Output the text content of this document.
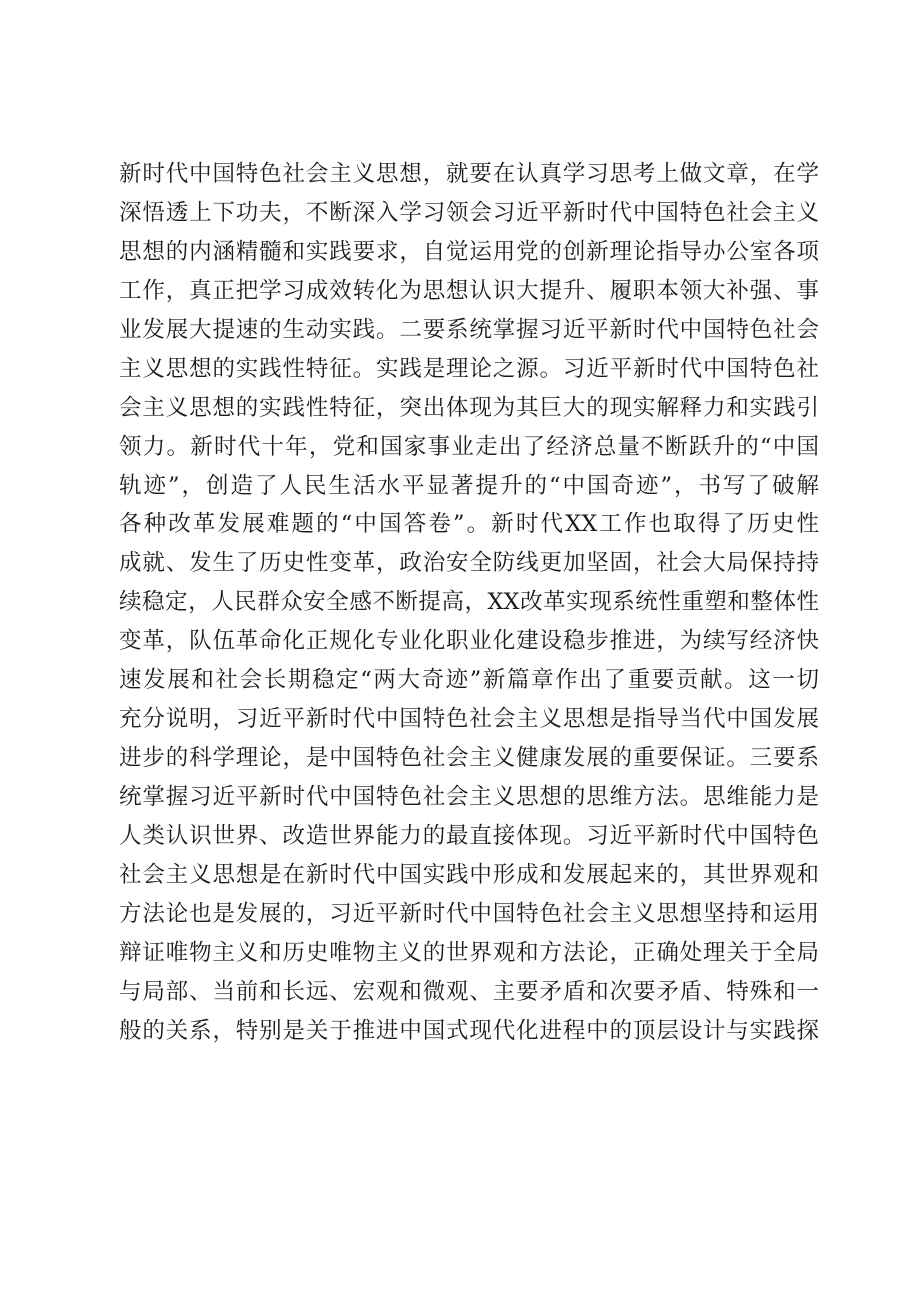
新时代中国特色社会主义思想，就要在认真学习思考上做文章，在学
深悟透上下功夫，不断深入学习领会习近平新时代中国特色社会主义
思想的内涵精髓和实践要求，自觉运用党的创新理论指导办公室各项
工作，真正把学习成效转化为思想认识大提升、履职本领大补强、事
业发展大提速的生动实践。二要系统掌握习近平新时代中国特色社会
主义思想的实践性特征。实践是理论之源。习近平新时代中国特色社
会主义思想的实践性特征，突出体现为其巨大的现实解释力和实践引
领力。新时代十年，党和国家事业走出了经济总量不断跃升的“中国
轨迹”，创造了人民生活水平显著提升的“中国奇迹”，书写了破解
各种改革发展难题的“中国答卷”。新时代XX工作也取得了历史性
成就、发生了历史性变革，政治安全防线更加坚固，社会大局保持持
续稳定，人民群众安全感不断提高，XX改革实现系统性重塑和整体性
变革，队伍革命化正规化专业化职业化建设稳步推进，为续写经济快
速发展和社会长期稳定“两大奇迹”新篇章作出了重要贡献。这一切
充分说明，习近平新时代中国特色社会主义思想是指导当代中国发展
进步的科学理论，是中国特色社会主义健康发展的重要保证。三要系
统掌握习近平新时代中国特色社会主义思想的思维方法。思维能力是
人类认识世界、改造世界能力的最直接体现。习近平新时代中国特色
社会主义思想是在新时代中国实践中形成和发展起来的，其世界观和
方法论也是发展的，习近平新时代中国特色社会主义思想坚持和运用
辩证唯物主义和历史唯物主义的世界观和方法论，正确处理关于全局
与局部、当前和长远、宏观和微观、主要矛盾和次要矛盾、特殊和一
般的关系，特别是关于推进中国式现代化进程中的顶层设计与实践探
